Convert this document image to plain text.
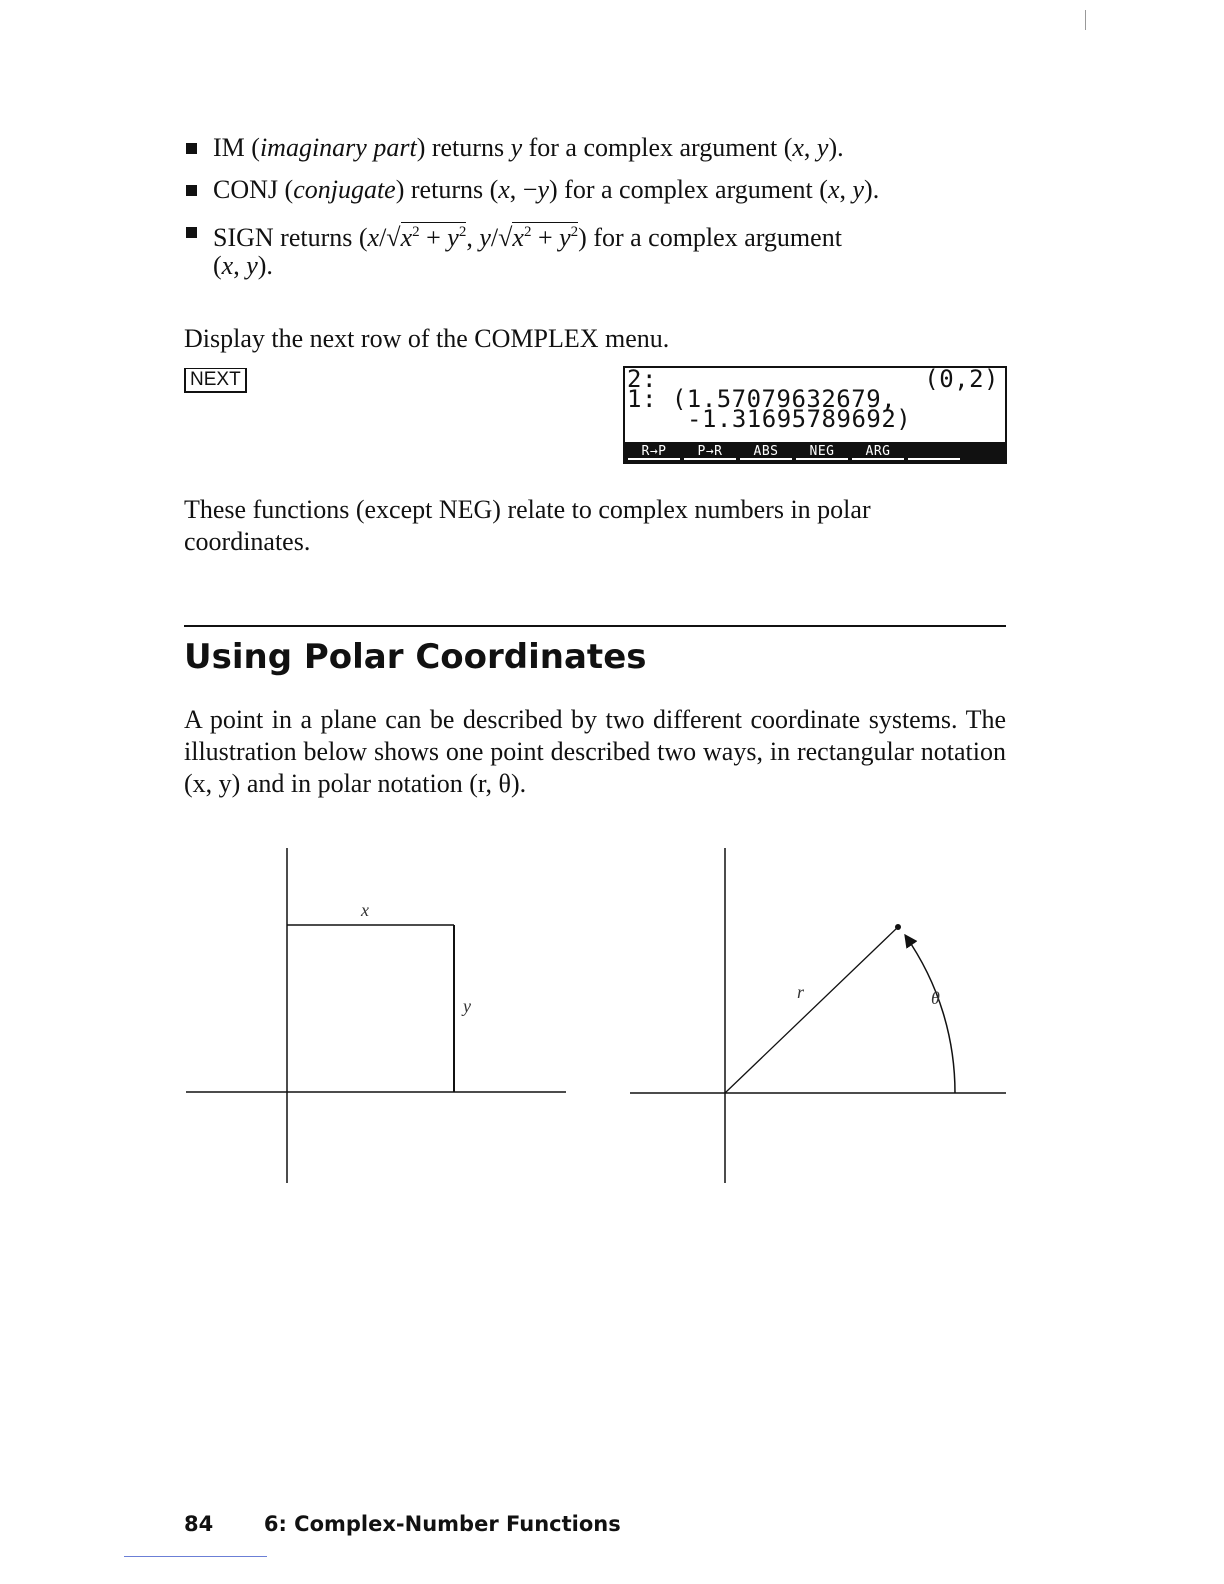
IM (imaginary part) returns y for a complex argument (x, y).
CONJ (conjugate) returns (x, −y) for a complex argument (x, y).
SIGN returns ($x/√x^2 + y^2$, $y/√x^2 + y^2$) for a complex argument
(x, y).
Display the next row of the COMPLEX menu.
NEXT	2:	(0,2)
1: (1.57079632679,
-1.31695789692)
R→P	P→R	ABS	NEG	ARG
These functions (except NEG) relate to complex numbers in polar coordinates.
Using Polar Coordinates
A point in a plane can be described by two different coordinate systems. The illustration below shows one point described two ways, in rectangular notation (x, y) and in polar notation (r, θ).
x
y
r	θ
84 6: Complex-Number Functions
